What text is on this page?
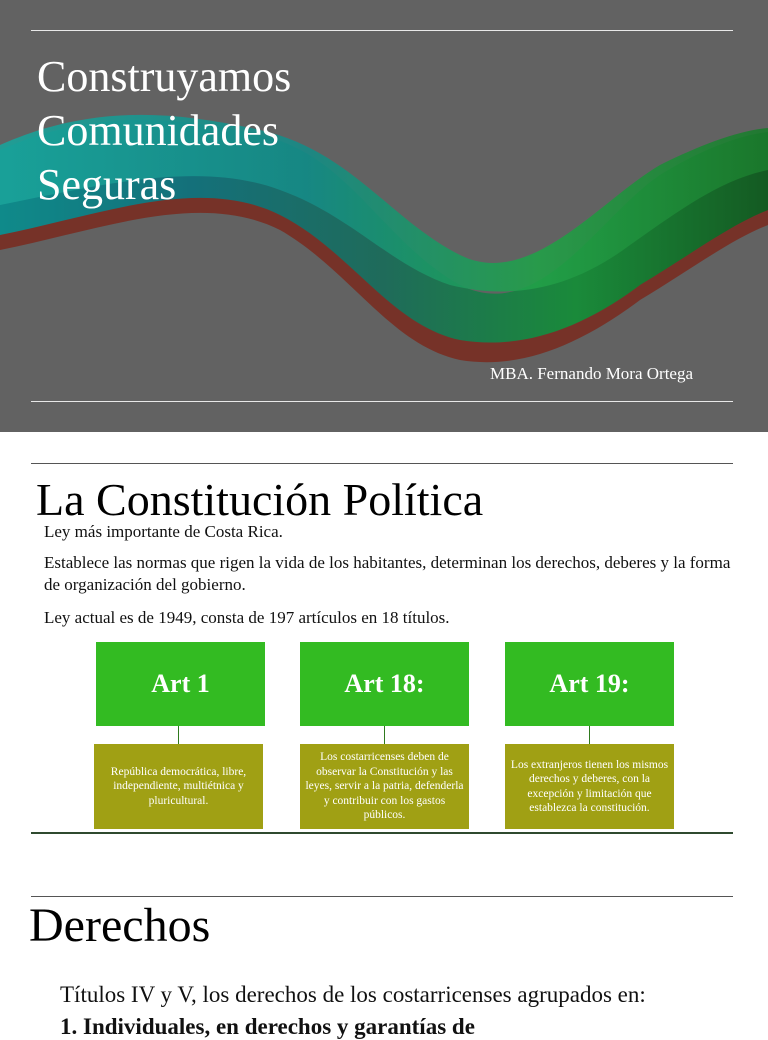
Construyamos
Comunidades
Seguras
MBA. Fernando Mora Ortega
La Constitución Política

Ley más importante de Costa Rica.

Establece las normas que rigen la vida de los habitantes, determinan los derechos, deberes y la forma de organización del gobierno.

Ley actual es de 1949, consta de 197 artículos en 18 títulos.

Art 1
República democrática, libre, independiente, multiétnica y pluricultural.
Art 18:
Los costarricenses deben de observar la Constitución y las leyes, servir a la patria, defenderla y contribuir con los gastos públicos.
Art 19:
Los extranjeros tienen los mismos derechos y deberes, con la excepción y limitación que establezca la constitución.
Derechos

Títulos IV y V, los derechos de los costarricenses agrupados en:

1. Individuales, en derechos y garantías de
